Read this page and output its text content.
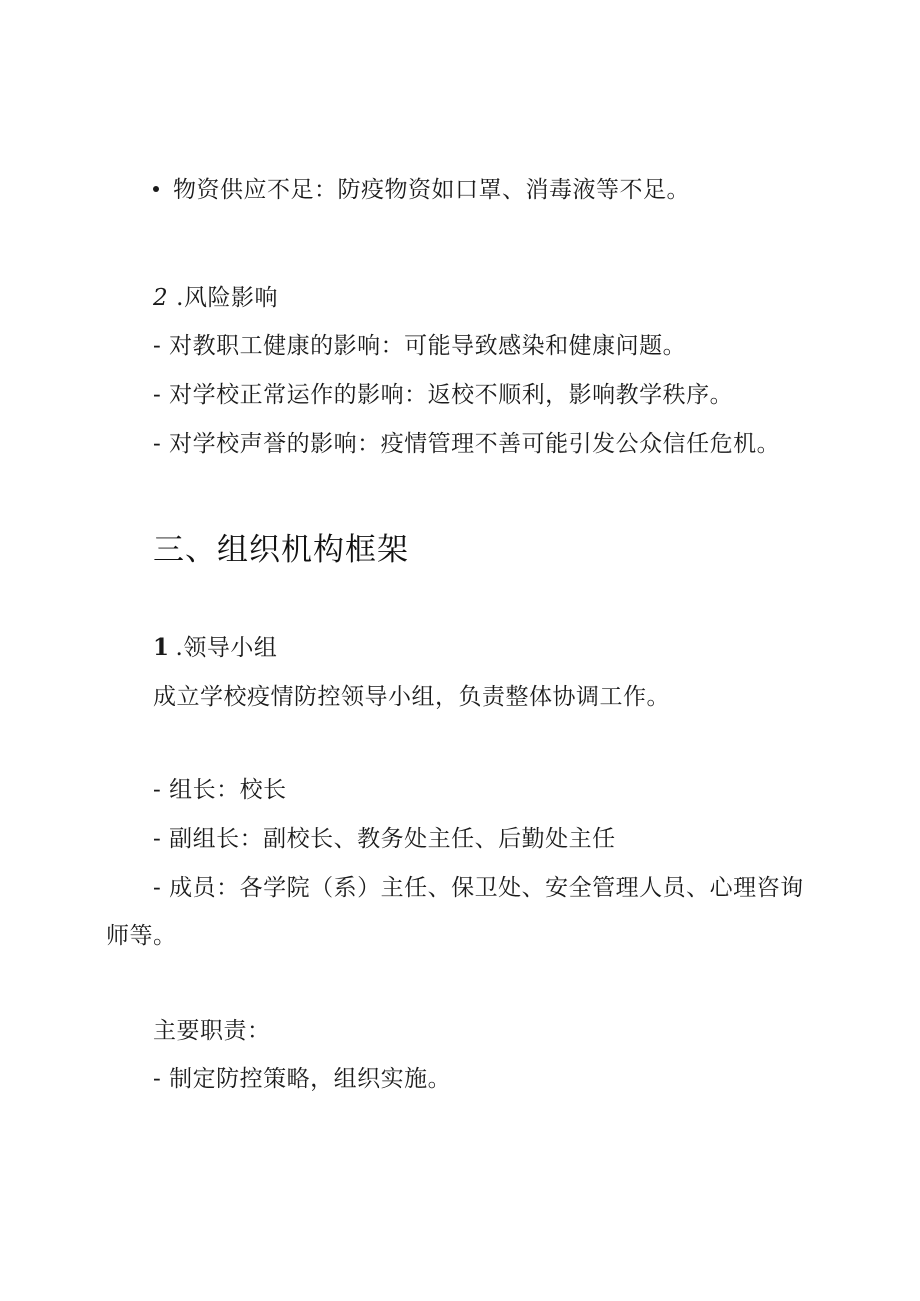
物资供应不足：防疫物资如口罩、消毒液等不足。
2 .风险影响
- 对教职工健康的影响：可能导致感染和健康问题。
- 对学校正常运作的影响：返校不顺利，影响教学秩序。
- 对学校声誉的影响：疫情管理不善可能引发公众信任危机。
三、组织机构框架
1 .领导小组
成立学校疫情防控领导小组，负责整体协调工作。
- 组长：校长
- 副组长：副校长、教务处主任、后勤处主任
- 成员：各学院（系）主任、保卫处、安全管理人员、心理咨询
师等。
主要职责：
- 制定防控策略，组织实施。
